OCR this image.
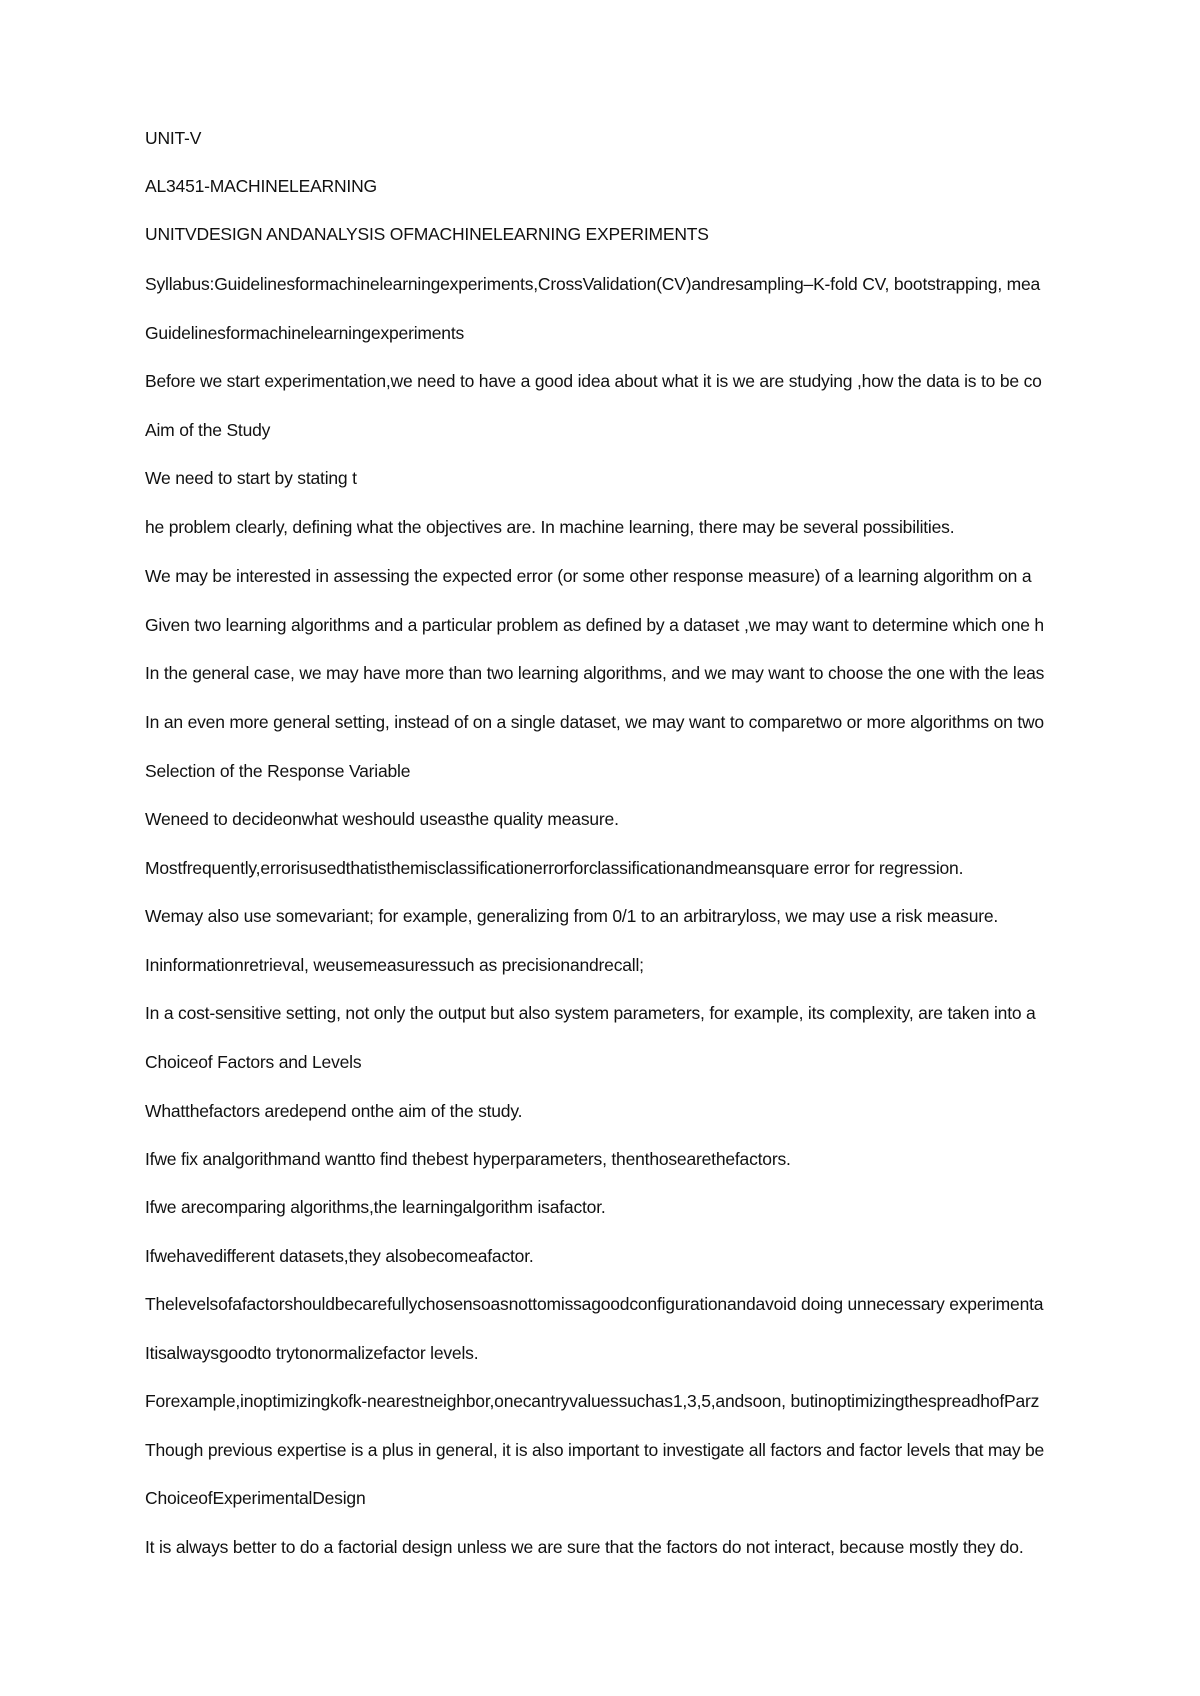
UNIT-V
AL3451-MACHINELEARNING
UNITVDESIGN ANDANALYSIS OFMACHINELEARNING EXPERIMENTS
Syllabus:Guidelinesformachinelearningexperiments,CrossValidation(CV)andresampling–K-fold CV, bootstrapping, mea
Guidelinesformachinelearningexperiments
Before we start experimentation,we need to have a good idea about what it is we are studying ,how the data is to be co
Aim of the Study
We need to start by stating t
he problem clearly, defining what the objectives are. In machine learning, there may be several possibilities.
We may be interested in assessing the expected error (or some other response measure) of a learning algorithm on a
Given two learning algorithms and a particular problem as defined by a dataset ,we may want to determine which one h
In the general case, we may have more than two learning algorithms, and we may want to choose the one with the leas
In an even more general setting, instead of on a single dataset, we may want to comparetwo or more algorithms on two
Selection of the Response Variable
Weneed to decideonwhat weshould useasthe quality measure.
Mostfrequently,errorisusedthatisthemisclassificationerrorforclassificationandmeansquare error for regression.
Wemay also use somevariant; for example, generalizing from 0/1 to an arbitraryloss, we may use a risk measure.
Ininformationretrieval, weusemeasuressuch as precisionandrecall;
In a cost-sensitive setting, not only the output but also system parameters, for example, its complexity, are taken into a
Choiceof Factors and Levels
Whatthefactors aredepend onthe aim of the study.
Ifwe fix analgorithmand wantto find thebest hyperparameters, thenthosearethefactors.
Ifwe arecomparing algorithms,the learningalgorithm isafactor.
Ifwehavedifferent datasets,they alsobecomeafactor.
Thelevelsofafactorshouldbecarefullychosensoasnottomissagoodconfigurationandavoid doing unnecessary experimenta
Itisalwaysgoodto trytonormalizefactor levels.
Forexample,inoptimizingkofk-nearestneighbor,onecantryvaluessuchas1,3,5,andsoon, butinoptimizingthespreadhofParz
Though previous expertise is a plus in general, it is also important to investigate all factors and factor levels that may be
ChoiceofExperimentalDesign
It is always better to do a factorial design unless we are sure that the factors do not interact, because mostly they do.
